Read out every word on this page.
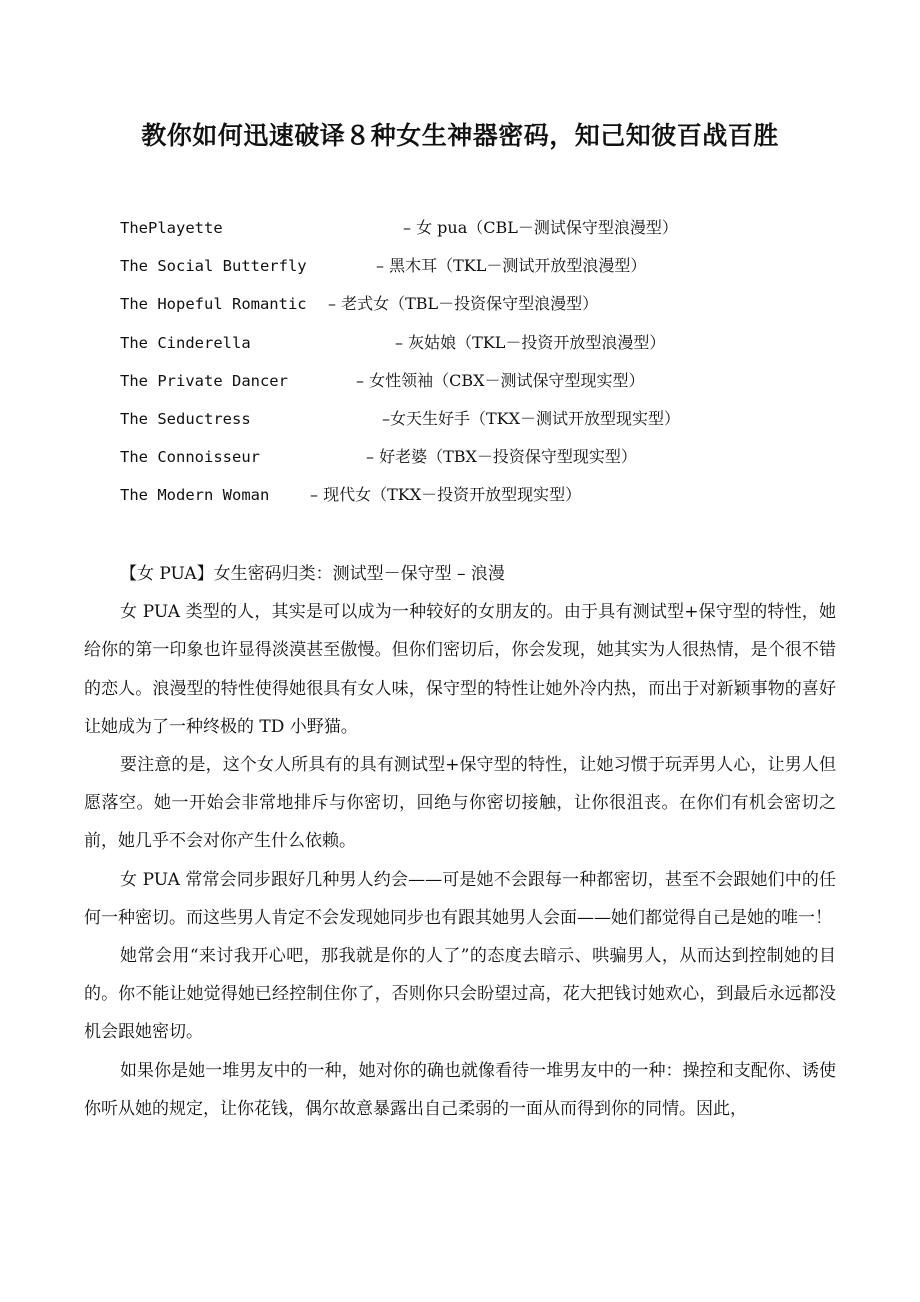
教你如何迅速破译８种女生神器密码，知己知彼百战百胜
ThePlayette	– 女 pua（CBL－测试保守型浪漫型）
The Social Butterfly	– 黑木耳（TKL－测试开放型浪漫型）
The Hopeful Romantic – 老式女（TBL－投资保守型浪漫型）
The Cinderella	– 灰姑娘（TKL－投资开放型浪漫型）
The Private Dancer	– 女性领袖（CBX－测试保守型现实型）
The Seductress	–女天生好手（TKX－测试开放型现实型）
The Connoisseur	– 好老婆（TBX－投资保守型现实型）
The Modern Woman	– 现代女（TKX－投资开放型现实型）

【女 PUA】女生密码归类：测试型－保守型 – 浪漫

女 PUA 类型的人，其实是可以成为一种较好的女朋友的。由于具有测试型+保守型的特性，她给你的第一印象也许显得淡漠甚至傲慢。但你们密切后，你会发现，她其实为人很热情，是个很不错的恋人。浪漫型的特性使得她很具有女人味，保守型的特性让她外冷内热，而出于对新颖事物的喜好让她成为了一种终极的 TD 小野猫。

要注意的是，这个女人所具有的具有测试型+保守型的特性，让她习惯于玩弄男人心，让男人但愿落空。她一开始会非常地排斥与你密切，回绝与你密切接触，让你很沮丧。在你们有机会密切之前，她几乎不会对你产生什么依赖。

女 PUA 常常会同步跟好几种男人约会——可是她不会跟每一种都密切，甚至不会跟她们中的任何一种密切。而这些男人肯定不会发现她同步也有跟其她男人会面——她们都觉得自己是她的唯一！

她常会用“来讨我开心吧，那我就是你的人了”的态度去暗示、哄骗男人，从而达到控制她的目的。你不能让她觉得她已经控制住你了，否则你只会盼望过高，花大把钱讨她欢心，到最后永远都没机会跟她密切。

如果你是她一堆男友中的一种，她对你的确也就像看待一堆男友中的一种：操控和支配你、诱使你听从她的规定，让你花钱，偶尔故意暴露出自己柔弱的一面从而得到你的同情。因此，
